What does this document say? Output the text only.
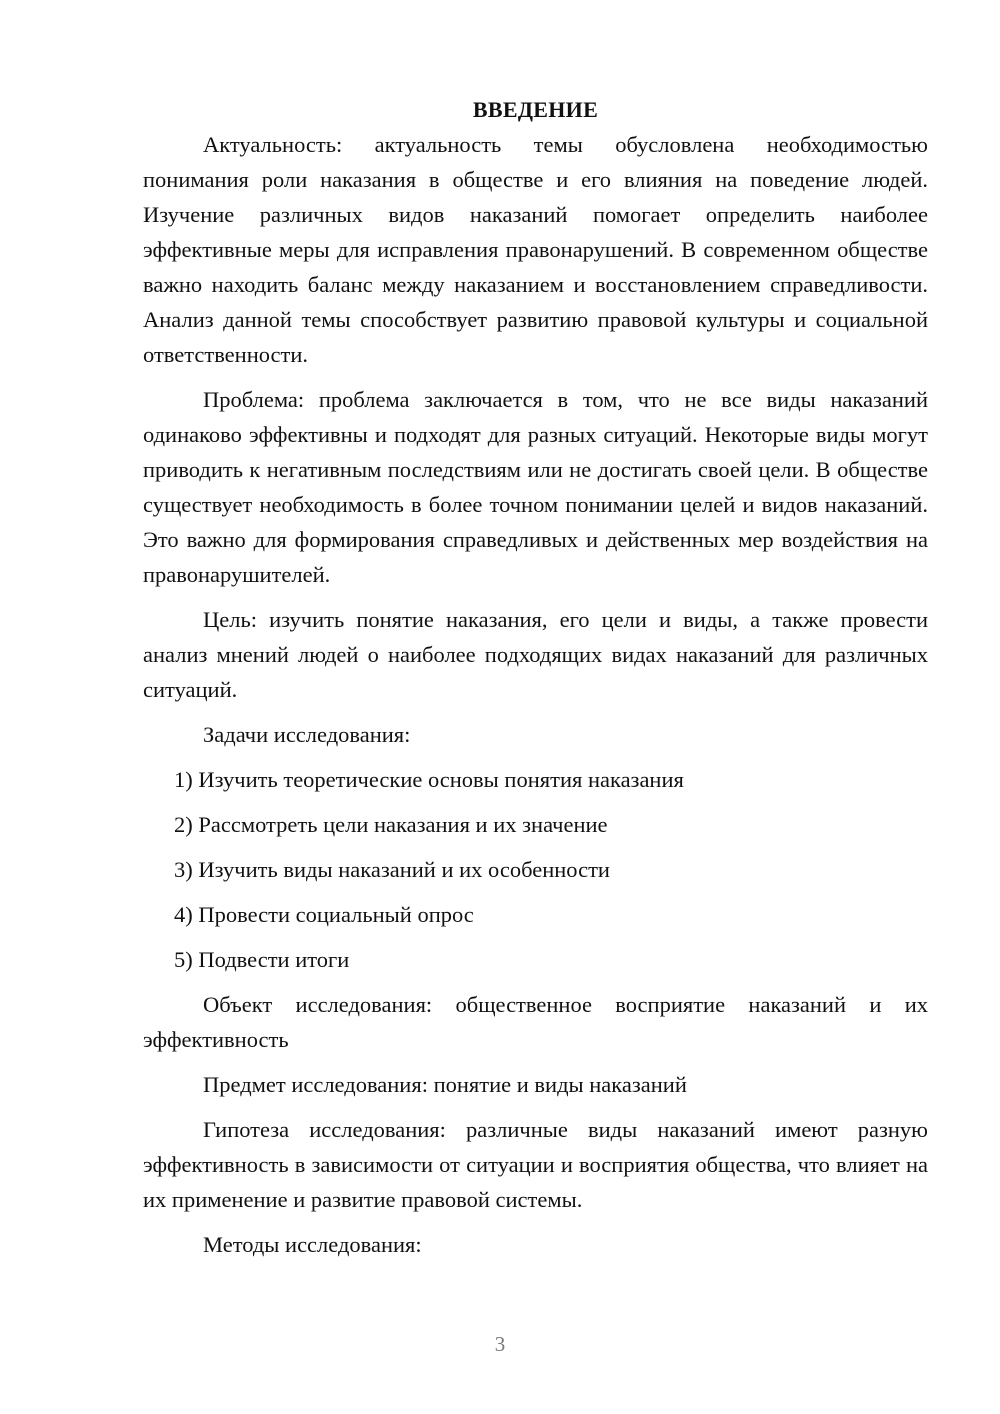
ВВЕДЕНИЕ

Актуальность: актуальность темы обусловлена необходимостью понимания роли наказания в обществе и его влияния на поведение людей. Изучение различных видов наказаний помогает определить наиболее эффективные меры для исправления правонарушений. В современном обществе важно находить баланс между наказанием и восстановлением справедливости. Анализ данной темы способствует развитию правовой культуры и социальной ответственности.

Проблема: проблема заключается в том, что не все виды наказаний одинаково эффективны и подходят для разных ситуаций. Некоторые виды могут приводить к негативным последствиям или не достигать своей цели. В обществе существует необходимость в более точном понимании целей и видов наказаний. Это важно для формирования справедливых и действенных мер воздействия на правонарушителей.

Цель: изучить понятие наказания, его цели и виды, а также провести анализ мнений людей о наиболее подходящих видах наказаний для различных ситуаций.

Задачи исследования:
1) Изучить теоретические основы понятия наказания
2) Рассмотреть цели наказания и их значение
3) Изучить виды наказаний и их особенности
4) Провести социальный опрос
5) Подвести итоги

Объект исследования: общественное восприятие наказаний и их эффективность

Предмет исследования: понятие и виды наказаний

Гипотеза исследования: различные виды наказаний имеют разную эффективность в зависимости от ситуации и восприятия общества, что влияет на их применение и развитие правовой системы.

Методы исследования:
3
